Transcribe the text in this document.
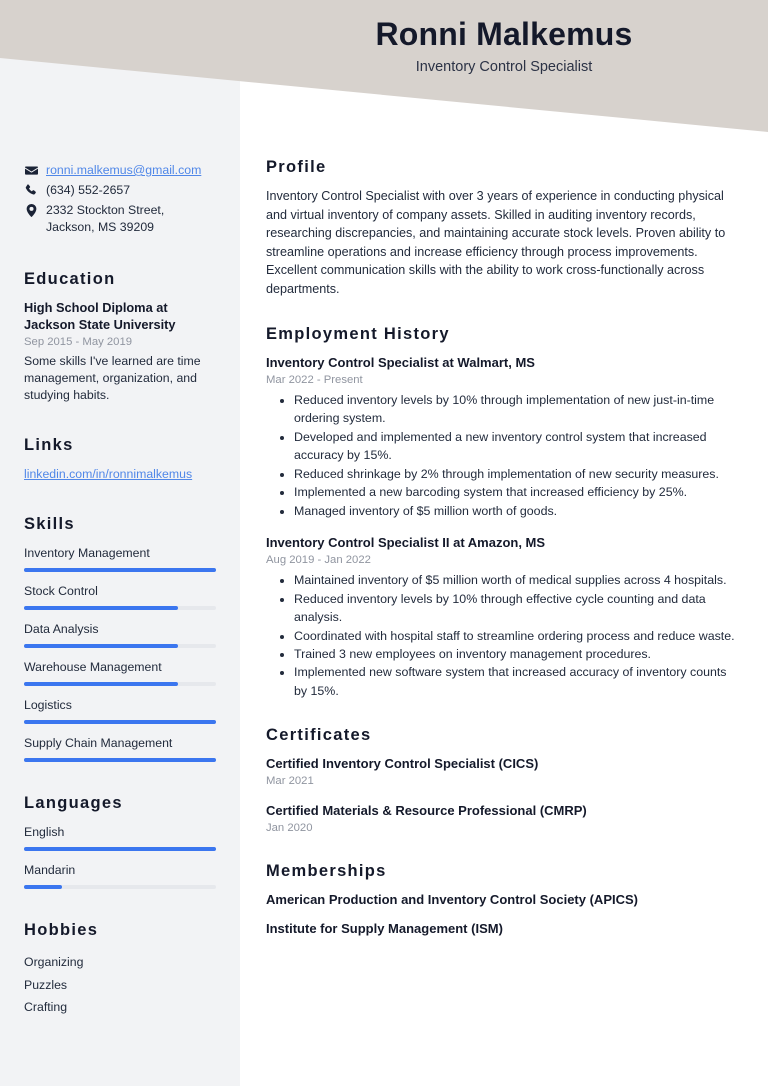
Ronni Malkemus
Inventory Control Specialist
ronni.malkemus@gmail.com
(634) 552-2657
2332 Stockton Street,
Jackson, MS 39209
Education
High School Diploma at Jackson State University
Sep 2015 - May 2019
Some skills I've learned are time management, organization, and studying habits.
Links
linkedin.com/in/ronnimalkemus
Skills
Inventory Management
Stock Control
Data Analysis
Warehouse Management
Logistics
Supply Chain Management
Languages
English
Mandarin
Hobbies
Organizing
Puzzles
Crafting
Profile
Inventory Control Specialist with over 3 years of experience in conducting physical and virtual inventory of company assets. Skilled in auditing inventory records, researching discrepancies, and maintaining accurate stock levels. Proven ability to streamline operations and increase efficiency through process improvements. Excellent communication skills with the ability to work cross-functionally across departments.
Employment History
Inventory Control Specialist at Walmart, MS
Mar 2022 - Present
• Reduced inventory levels by 10% through implementation of new just-in-time ordering system.
• Developed and implemented a new inventory control system that increased accuracy by 15%.
• Reduced shrinkage by 2% through implementation of new security measures.
• Implemented a new barcoding system that increased efficiency by 25%.
• Managed inventory of $5 million worth of goods.
Inventory Control Specialist II at Amazon, MS
Aug 2019 - Jan 2022
• Maintained inventory of $5 million worth of medical supplies across 4 hospitals.
• Reduced inventory levels by 10% through effective cycle counting and data analysis.
• Coordinated with hospital staff to streamline ordering process and reduce waste.
• Trained 3 new employees on inventory management procedures.
• Implemented new software system that increased accuracy of inventory counts by 15%.
Certificates
Certified Inventory Control Specialist (CICS)
Mar 2021
Certified Materials & Resource Professional (CMRP)
Jan 2020
Memberships
American Production and Inventory Control Society (APICS)
Institute for Supply Management (ISM)
